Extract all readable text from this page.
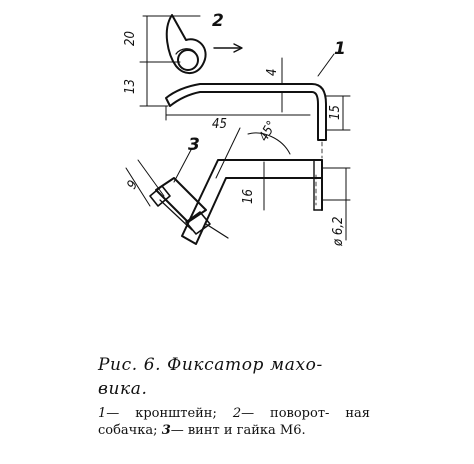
2
1
20
13
4
15
45 45°
3
9
16
ø 6,2
Рис. 6. Фиксатор махо-
вика.
1— кронштейн; 2— поворот- ная собачка; 3— винт и гайка М6.
